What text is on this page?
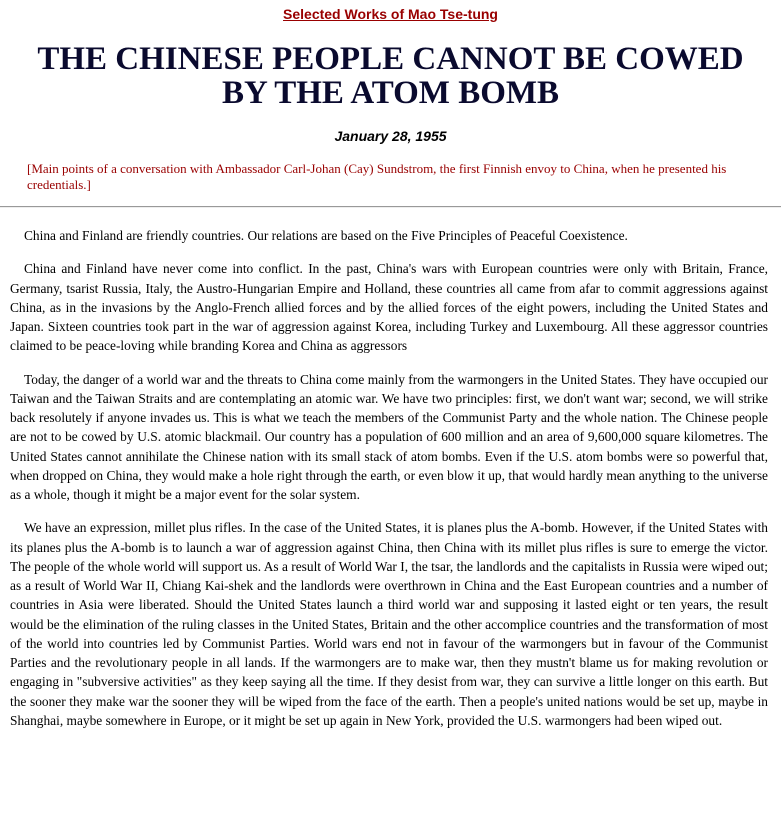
Selected Works of Mao Tse-tung
THE CHINESE PEOPLE CANNOT BE COWED BY THE ATOM BOMB
January 28, 1955
[Main points of a conversation with Ambassador Carl-Johan (Cay) Sundstrom, the first Finnish envoy to China, when he presented his credentials.]

China and Finland are friendly countries. Our relations are based on the Five Principles of Peaceful Coexistence.

China and Finland have never come into conflict. In the past, China's wars with European countries were only with Britain, France, Germany, tsarist Russia, Italy, the Austro-Hungarian Empire and Holland, these countries all came from afar to commit aggressions against China, as in the invasions by the Anglo-French allied forces and by the allied forces of the eight powers, including the United States and Japan. Sixteen countries took part in the war of aggression against Korea, including Turkey and Luxembourg. All these aggressor countries claimed to be peace-loving while branding Korea and China as aggressors

Today, the danger of a world war and the threats to China come mainly from the warmongers in the United States. They have occupied our Taiwan and the Taiwan Straits and are contemplating an atomic war. We have two principles: first, we don't want war; second, we will strike back resolutely if anyone invades us. This is what we teach the members of the Communist Party and the whole nation. The Chinese people are not to be cowed by U.S. atomic blackmail. Our country has a population of 600 million and an area of 9,600,000 square kilometres. The United States cannot annihilate the Chinese nation with its small stack of atom bombs. Even if the U.S. atom bombs were so powerful that, when dropped on China, they would make a hole right through the earth, or even blow it up, that would hardly mean anything to the universe as a whole, though it might be a major event for the solar system.

We have an expression, millet plus rifles. In the case of the United States, it is planes plus the A-bomb. However, if the United States with its planes plus the A-bomb is to launch a war of aggression against China, then China with its millet plus rifles is sure to emerge the victor. The people of the whole world will support us. As a result of World War I, the tsar, the landlords and the capitalists in Russia were wiped out; as a result of World War II, Chiang Kai-shek and the landlords were overthrown in China and the East European countries and a number of countries in Asia were liberated. Should the United States launch a third world war and supposing it lasted eight or ten years, the result would be the elimination of the ruling classes in the United States, Britain and the other accomplice countries and the transformation of most of the world into countries led by Communist Parties. World wars end not in favour of the warmongers but in favour of the Communist Parties and the revolutionary people in all lands. If the warmongers are to make war, then they mustn't blame us for making revolution or engaging in "subversive activities" as they keep saying all the time. If they desist from war, they can survive a little longer on this earth. But the sooner they make war the sooner they will be wiped from the face of the earth. Then a people's united nations would be set up, maybe in Shanghai, maybe somewhere in Europe, or it might be set up again in New York, provided the U.S. warmongers had been wiped out.
